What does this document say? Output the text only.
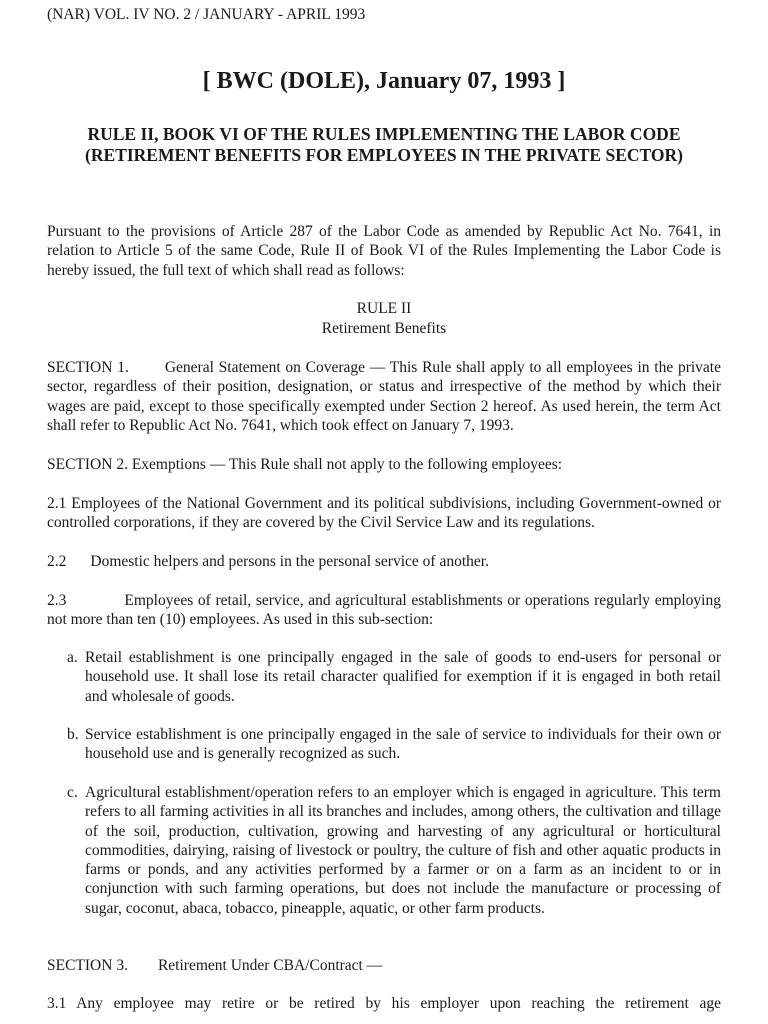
(NAR) VOL. IV NO. 2 / JANUARY - APRIL 1993
[ BWC (DOLE), January 07, 1993 ]
RULE II, BOOK VI OF THE RULES IMPLEMENTING THE LABOR CODE
(RETIREMENT BENEFITS FOR EMPLOYEES IN THE PRIVATE SECTOR)
Pursuant to the provisions of Article 287 of the Labor Code as amended by Republic Act No. 7641, in relation to Article 5 of the same Code, Rule II of Book VI of the Rules Implementing the Labor Code is hereby issued, the full text of which shall read as follows:
RULE II
Retirement Benefits
SECTION 1. General Statement on Coverage — This Rule shall apply to all employees in the private sector, regardless of their position, designation, or status and irrespective of the method by which their wages are paid, except to those specifically exempted under Section 2 hereof. As used herein, the term Act shall refer to Republic Act No. 7641, which took effect on January 7, 1993.
SECTION 2. Exemptions — This Rule shall not apply to the following employees:
2.1 Employees of the National Government and its political subdivisions, including Government-owned or controlled corporations, if they are covered by the Civil Service Law and its regulations.
2.2 Domestic helpers and persons in the personal service of another.
2.3	Employees of retail, service, and agricultural establishments or operations regularly employing not more than ten (10) employees. As used in this sub-section:
a. Retail establishment is one principally engaged in the sale of goods to end-users for personal or household use. It shall lose its retail character qualified for exemption if it is engaged in both retail and wholesale of goods.
b. Service establishment is one principally engaged in the sale of service to individuals for their own or household use and is generally recognized as such.
c. Agricultural establishment/operation refers to an employer which is engaged in agriculture. This term refers to all farming activities in all its branches and includes, among others, the cultivation and tillage of the soil, production, cultivation, growing and harvesting of any agricultural or horticultural commodities, dairying, raising of livestock or poultry, the culture of fish and other aquatic products in farms or ponds, and any activities performed by a farmer or on a farm as an incident to or in conjunction with such farming operations, but does not include the manufacture or processing of sugar, coconut, abaca, tobacco, pineapple, aquatic, or other farm products.
SECTION 3. Retirement Under CBA/Contract —
3.1 Any employee may retire or be retired by his employer upon reaching the retirement age
